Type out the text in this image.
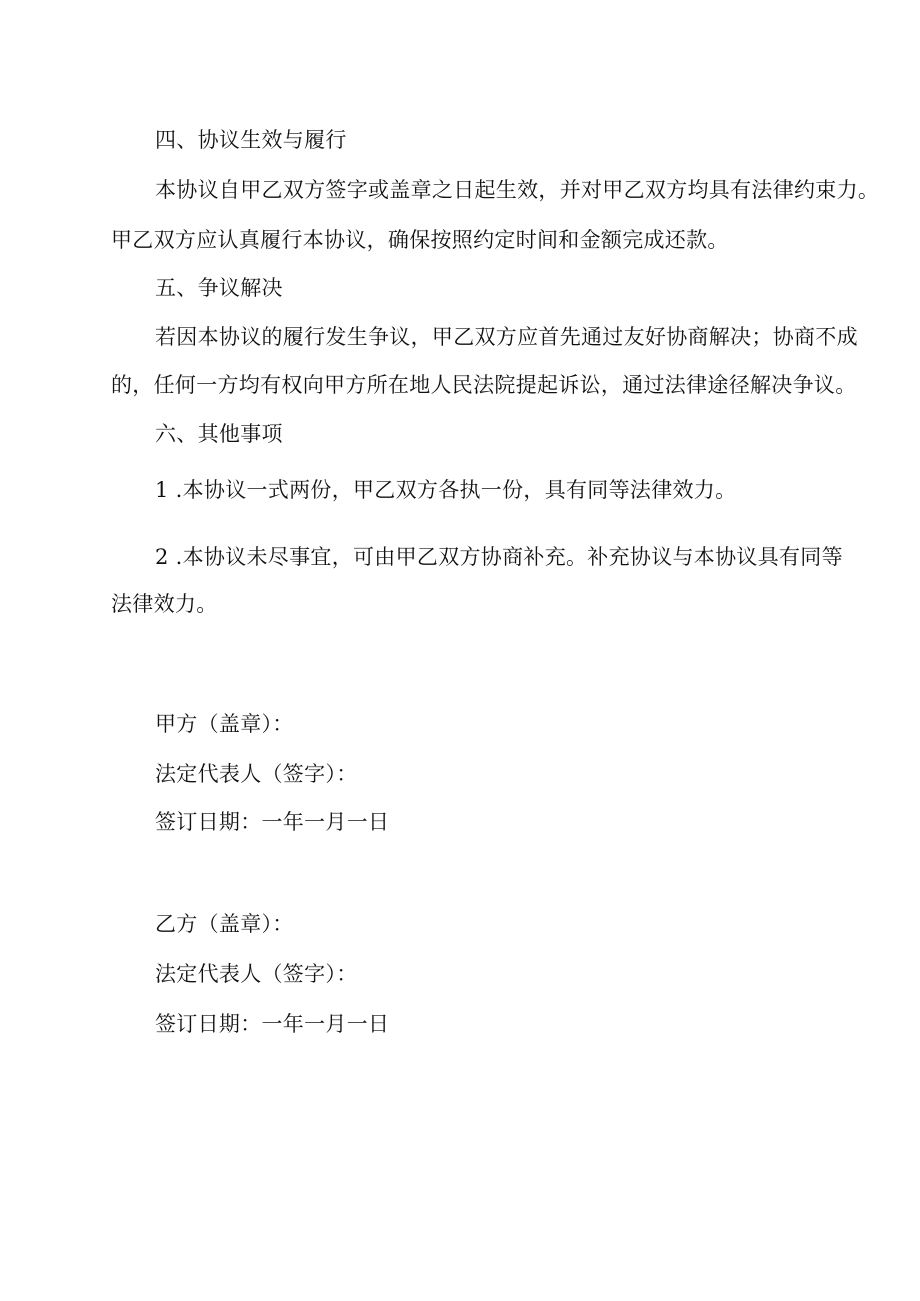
四、协议生效与履行

本协议自甲乙双方签字或盖章之日起生效，并对甲乙双方均具有法律约束力。

甲乙双方应认真履行本协议，确保按照约定时间和金额完成还款。

五、争议解决

若因本协议的履行发生争议，甲乙双方应首先通过友好协商解决；协商不成

的，任何一方均有权向甲方所在地人民法院提起诉讼，通过法律途径解决争议。

六、其他事项

1 .本协议一式两份，甲乙双方各执一份，具有同等法律效力。

2 .本协议未尽事宜，可由甲乙双方协商补充。补充协议与本协议具有同等

法律效力。

甲方（盖章）：

法定代表人（签字）：

签订日期：一年一月一日

乙方（盖章）：

法定代表人（签字）：

签订日期：一年一月一日
